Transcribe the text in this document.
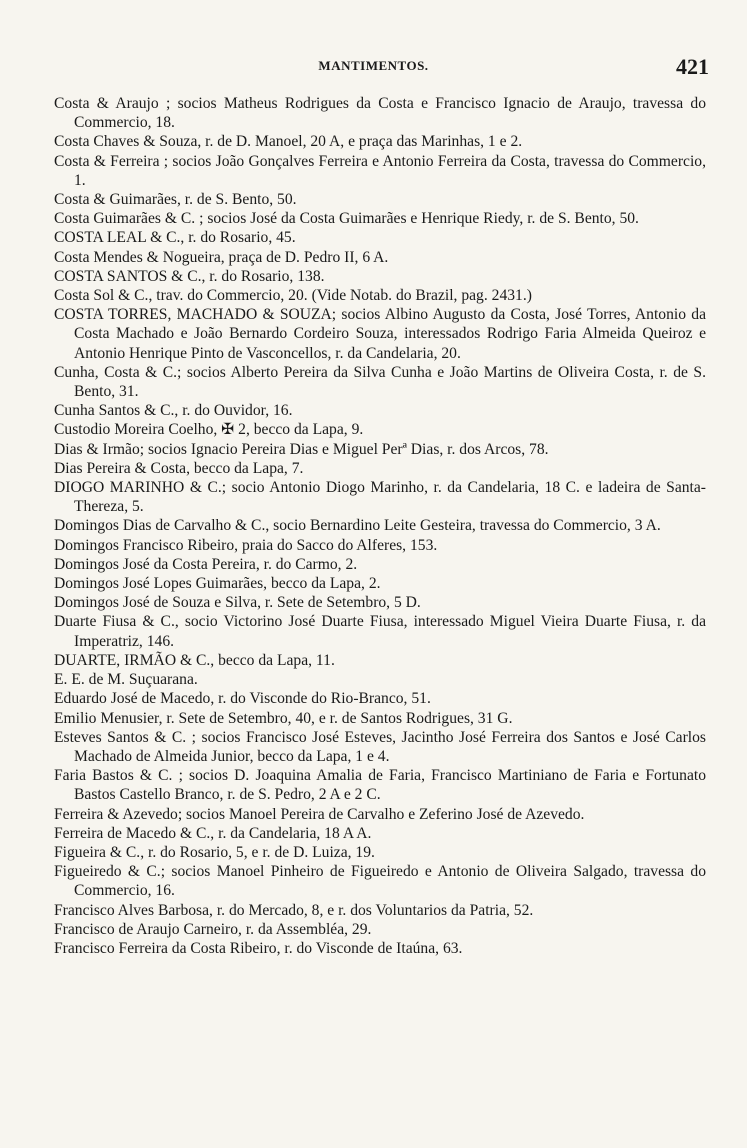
MANTIMENTOS.	421

Costa & Araujo ; socios Matheus Rodrigues da Costa e Francisco Ignacio de Araujo, travessa do Commercio, 18.

Costa Chaves & Souza, r. de D. Manoel, 20 A, e praça das Marinhas, 1 e 2.

Costa & Ferreira ; socios João Gonçalves Ferreira e Antonio Ferreira da Costa, travessa do Commercio, 1.

Costa & Guimarães, r. de S. Bento, 50.

Costa Guimarães & C. ; socios José da Costa Guimarães e Henrique Riedy, r. de S. Bento, 50.

COSTA LEAL & C., r. do Rosario, 45.

Costa Mendes & Nogueira, praça de D. Pedro II, 6 A.

COSTA SANTOS & C., r. do Rosario, 138.

Costa Sol & C., trav. do Commercio, 20. (Vide Notab. do Brazil, pag. 2431.)

COSTA TORRES, MACHADO & SOUZA; socios Albino Augusto da Costa, José Torres, Antonio da Costa Machado e João Bernardo Cordeiro Souza, interessados Rodrigo Faria Almeida Queiroz e Antonio Henrique Pinto de Vasconcellos, r. da Candelaria, 20.

Cunha, Costa & C.; socios Alberto Pereira da Silva Cunha e João Martins de Oliveira Costa, r. de S. Bento, 31.

Cunha Santos & C., r. do Ouvidor, 16.

Custodio Moreira Coelho, ✠ 2, becco da Lapa, 9.

Dias & Irmão; socios Ignacio Pereira Dias e Miguel Perª Dias, r. dos Arcos, 78.

Dias Pereira & Costa, becco da Lapa, 7.

DIOGO MARINHO & C.; socio Antonio Diogo Marinho, r. da Candelaria, 18 C. e ladeira de Santa-Thereza, 5.

Domingos Dias de Carvalho & C., socio Bernardino Leite Gesteira, travessa do Commercio, 3 A.

Domingos Francisco Ribeiro, praia do Sacco do Alferes, 153.

Domingos José da Costa Pereira, r. do Carmo, 2.

Domingos José Lopes Guimarães, becco da Lapa, 2.

Domingos José de Souza e Silva, r. Sete de Setembro, 5 D.

Duarte Fiusa & C., socio Victorino José Duarte Fiusa, interessado Miguel Vieira Duarte Fiusa, r. da Imperatriz, 146.

DUARTE, IRMÃO & C., becco da Lapa, 11.

E. E. de M. Suçuarana.

Eduardo José de Macedo, r. do Visconde do Rio-Branco, 51.

Emilio Menusier, r. Sete de Setembro, 40, e r. de Santos Rodrigues, 31 G.

Esteves Santos & C. ; socios Francisco José Esteves, Jacintho José Ferreira dos Santos e José Carlos Machado de Almeida Junior, becco da Lapa, 1 e 4.

Faria Bastos & C. ; socios D. Joaquina Amalia de Faria, Francisco Martiniano de Faria e Fortunato Bastos Castello Branco, r. de S. Pedro, 2 A e 2 C.

Ferreira & Azevedo; socios Manoel Pereira de Carvalho e Zeferino José de Azevedo.

Ferreira de Macedo & C., r. da Candelaria, 18 A A.

Figueira & C., r. do Rosario, 5, e r. de D. Luiza, 19.

Figueiredo & C.; socios Manoel Pinheiro de Figueiredo e Antonio de Oliveira Salgado, travessa do Commercio, 16.

Francisco Alves Barbosa, r. do Mercado, 8, e r. dos Voluntarios da Patria, 52.

Francisco de Araujo Carneiro, r. da Assembléa, 29.

Francisco Ferreira da Costa Ribeiro, r. do Visconde de Itaúna, 63.
